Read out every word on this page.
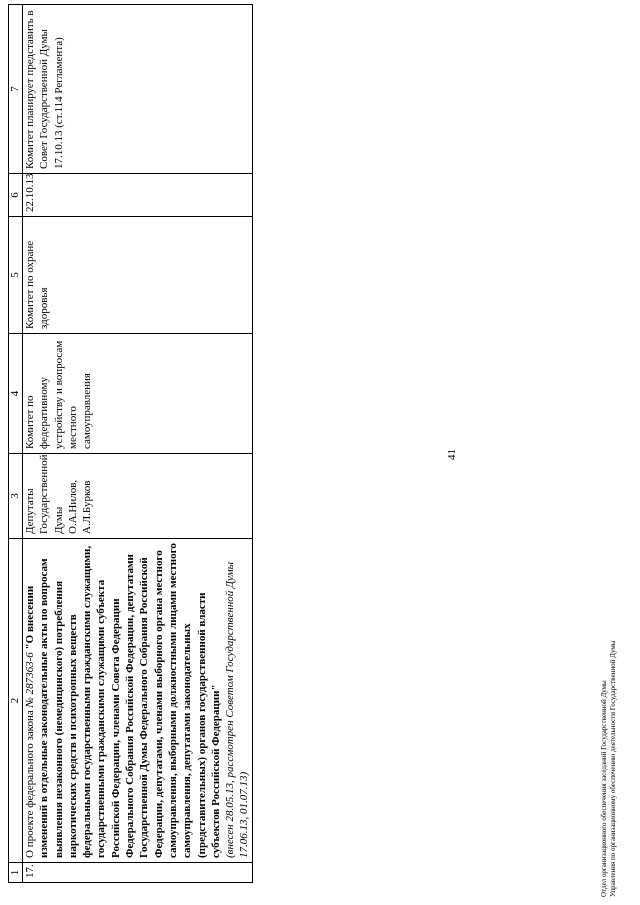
41
1	2	3	4	5	6	7
17.	О проекте федерального закона № 287363-6 "О внесении изменений в отдельные законодательные акты по вопросам выявления незаконного (немедицинского) потребления наркотических средств и психотропных веществ федеральными государственными гражданскими служащими, государственными гражданскими служащими субъекта Российской Федерации, членами Совета Федерации Федерального Собрания Российской Федерации, депутатами Государственной Думы Федерального Собрания Российской Федерации, депутатами, членами выборного органа местного самоуправления, выборными должностными лицами местного самоуправления, депутатами законодательных (представительных) органов государственной власти субъектов Российской Федерации" (внесен 28.05.13, рассмотрен Советом Государственной Думы 17.06.13, 01.07.13)	Депутаты Государственной Думы О.А.Нилов, А.Л.Бурков	Комитет по федеративному устройству и вопросам местного самоуправления	Комитет по охране здоровья	22.10.13	Комитет планирует представить в Совет Государственной Думы 17.10.13 (ст.114 Регламента)
Отдел организационного обеспечения заседаний Государственной Думы Управления по организационному обеспечению деятельности Государственной Думы
